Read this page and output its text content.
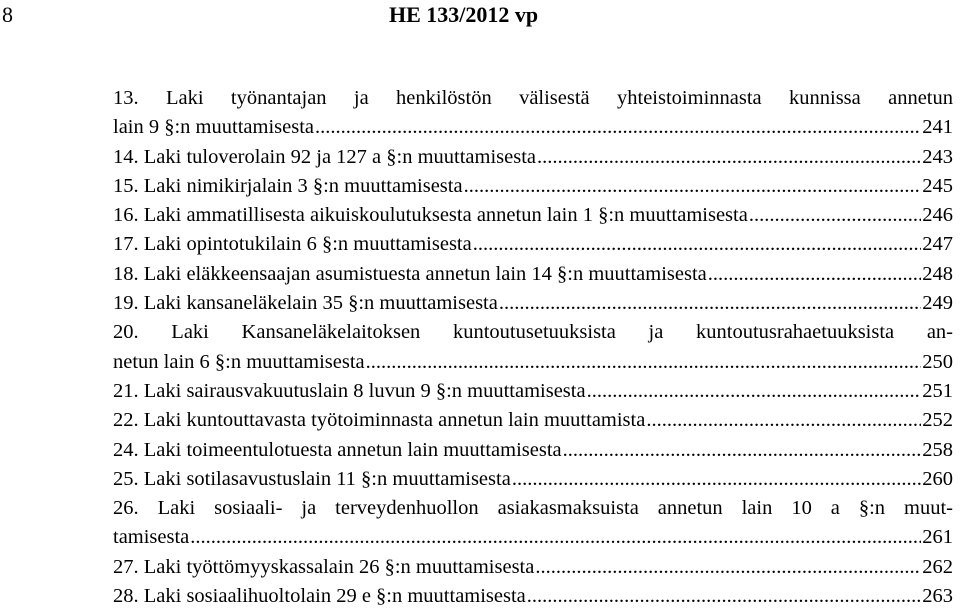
8	HE 133/2012 vp
13. Laki työnantajan ja henkilöstön välisestä yhteistoiminnasta kunnissa annetun
lain 9 §:n muuttamisesta .....	241
14. Laki tuloverolain 92 ja 127 a §:n muuttamisesta .....	243
15. Laki nimikirjalain 3 §:n muuttamisesta .....	245
16. Laki ammatillisesta aikuiskoulutuksesta annetun lain 1 §:n muuttamisesta .....	246
17. Laki opintotukilain 6 §:n muuttamisesta .....	247
18. Laki eläkkeensaajan asumistuesta annetun lain 14 §:n muuttamisesta .....	248
19. Laki kansaneläkelain 35 §:n muuttamisesta .....	249
20. Laki Kansaneläkelaitoksen kuntoutusetuuksista ja kuntoutusrahaetuuksista an-
netun lain 6 §:n muuttamisesta .....	250
21. Laki sairausvakuutuslain 8 luvun 9 §:n muuttamisesta .....	251
22. Laki kuntouttavasta työtoiminnasta annetun lain muuttamista .....	252
24. Laki toimeentulotuesta annetun lain muuttamisesta .....	258
25. Laki sotilasavustuslain 11 §:n muuttamisesta .....	260
26. Laki sosiaali- ja terveydenhuollon asiakasmaksuista annetun lain 10 a §:n muut-
tamisesta .....	261
27. Laki työttömyyskassalain 26 §:n muuttamisesta .....	262
28. Laki sosiaalihuoltolain 29 e §:n muuttamisesta .....	263
